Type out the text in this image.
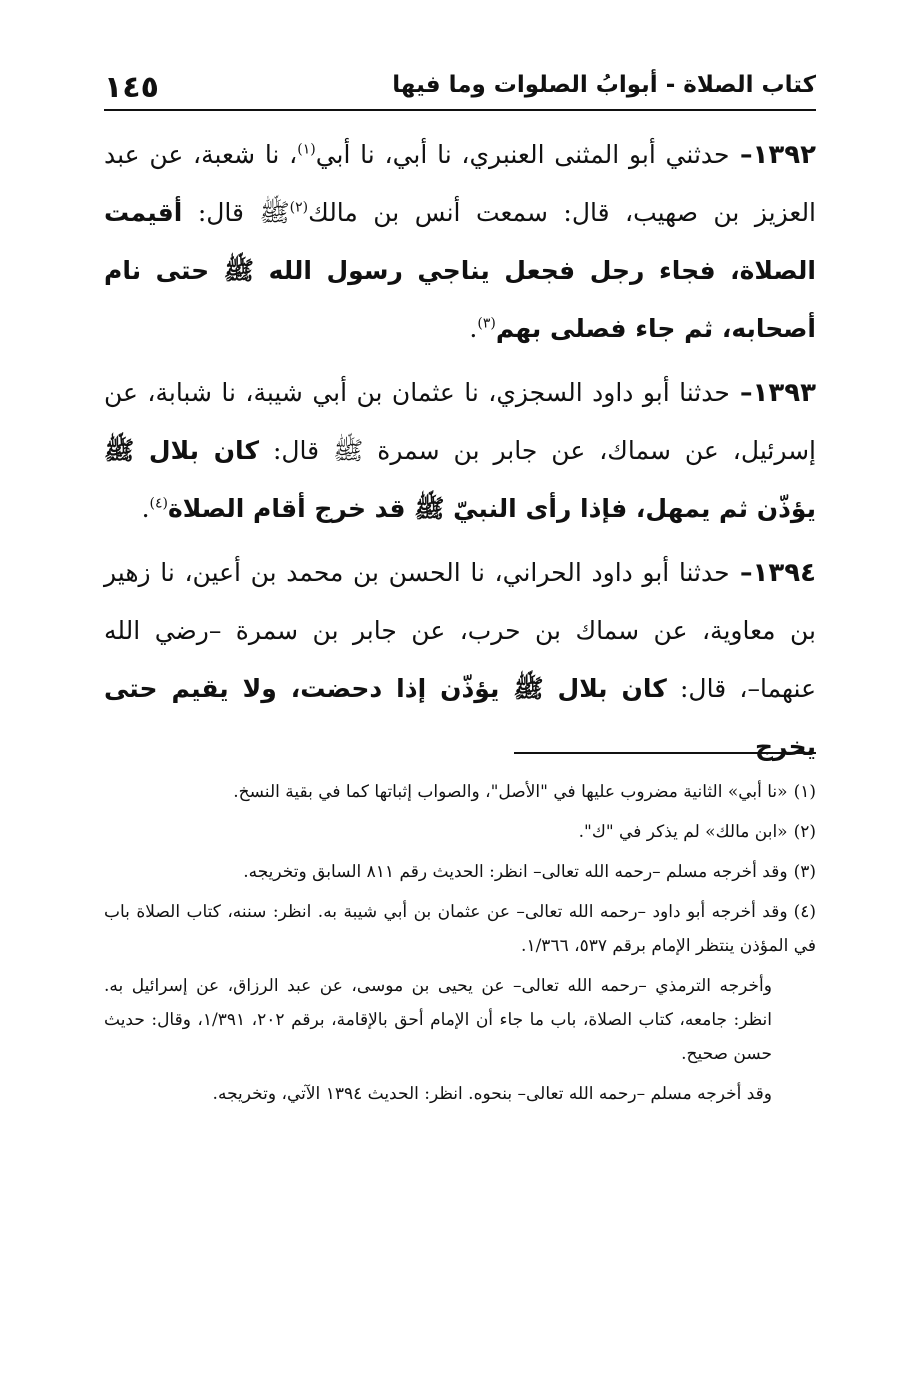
١٤٥	كتاب الصلاة - أبوابُ الصلوات وما فيها

١٣٩٢– حدثني أبو المثنى العنبري، نا أبي، نا أبي$^{(١)}$، نا شعبة، عن عبد العزيز بن صهيب، قال: سمعت أنس بن مالك$^{(٢)}$ﷺ قال: أقيمت الصلاة، فجاء رجل فجعل يناجي رسول الله ﷺ حتى نام أصحابه، ثم جاء فصلى بهم$^{(٣)}$.

١٣٩٣– حدثنا أبو داود السجزي، نا عثمان بن أبي شيبة، نا شبابة، عن إسرئيل، عن سماك، عن جابر بن سمرة ﷺ قال: كان بلال ﷺ يؤذّن ثم يمهل، فإذا رأى النبيّ ﷺ قد خرج أقام الصلاة$^{(٤)}$.

١٣٩٤– حدثنا أبو داود الحراني، نا الحسن بن محمد بن أعين، نا زهير بن معاوية، عن سماك بن حرب، عن جابر بن سمرة –رضي الله عنهما–، قال: كان بلال ﷺ يؤذّن إذا دحضت، ولا يقيم حتى يخرج

(١)«نا أبي» الثانية مضروب عليها في "الأصل"، والصواب إثباتها كما في بقية النسخ.

(٢)«ابن مالك» لم يذكر في "ك".

(٣)وقد أخرجه مسلم –رحمه الله تعالى– انظر: الحديث رقم ٨١١ السابق وتخريجه.

(٤)وقد أخرجه أبو داود –رحمه الله تعالى– عن عثمان بن أبي شيبة به. انظر: سننه، كتاب الصلاة باب في المؤذن ينتظر الإمام برقم ٥٣٧، ١/٣٦٦.

وأخرجه الترمذي –رحمه الله تعالى– عن يحيى بن موسى، عن عبد الرزاق، عن إسرائيل به. انظر: جامعه، كتاب الصلاة، باب ما جاء أن الإمام أحق بالإقامة، برقم ٢٠٢، ١/٣٩١، وقال: حديث حسن صحيح.

وقد أخرجه مسلم –رحمه الله تعالى– بنحوه. انظر: الحديث ١٣٩٤ الآتي، وتخريجه.
